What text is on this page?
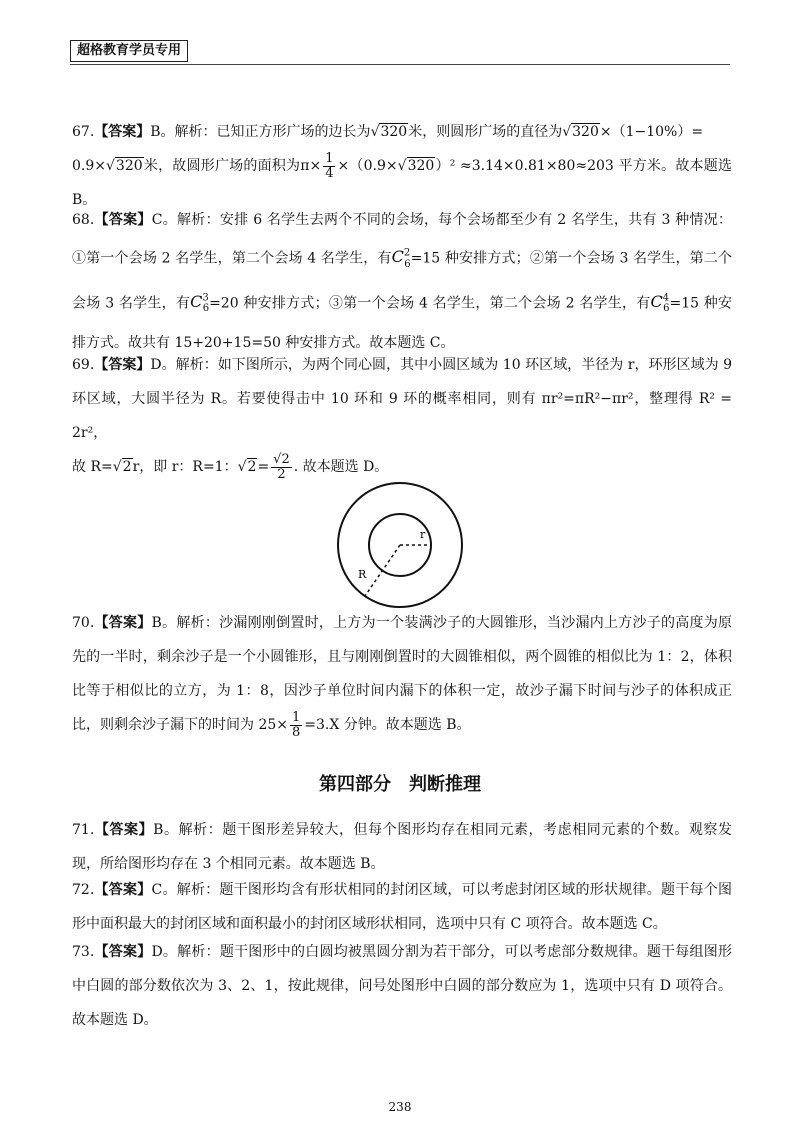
超格教育学员专用

67.【答案】B。解析：已知正方形广场的边长为√320米，则圆形广场的直径为√320×（1−10%）=
0.9×√320米，故圆形广场的面积为$\pi\times \frac{1}{4} \times(0.9\times√320)^2 \approx 3.14\times 0.81\times 80\approx 203$ 平方米。故本题选 B。

68.【答案】C。解析：安排 6 名学生去两个不同的会场，每个会场都至少有 2 名学生，共有 3 种情况：①第一个会场 2 名学生，第二个会场 4 名学生，有$C^2_6=15$ 种安排方式；②第一个会场 3 名学生，第二个会场 3 名学生，有$C^3_6=20$ 种安排方式；③第一个会场 4 名学生，第二个会场 2 名学生，有$C^4_6=15$ 种安排方式。故共有 15+20+15=50 种安排方式。故本题选 C。

69.【答案】D。解析：如下图所示，为两个同心圆，其中小圆区域为 10 环区域，半径为 r，环形区域为 9 环区域，大圆半径为 R。若要使得击中 10 环和 9 环的概率相同，则有 πr²=πR²−πr²，整理得 R² = 2r²，
故 R=√2r，即 r：R=1：$√2= \frac{√2}{2}$ . 故本题选 D。

r
R

70.【答案】B。解析：沙漏刚刚倒置时，上方为一个装满沙子的大圆锥形，当沙漏内上方沙子的高度为原先的一半时，剩余沙子是一个小圆锥形，且与刚刚倒置时的大圆锥相似，两个圆锥的相似比为 1：2，体积比等于相似比的立方，为 1：8，因沙子单位时间内漏下的体积一定，故沙子漏下时间与沙子的体积成正比，则剩余沙子漏下的时间为 $25\times \frac{1}{8} =3.X$ 分钟。故本题选 B。

第四部分　判断推理

71.【答案】B。解析：题干图形差异较大，但每个图形均存在相同元素，考虑相同元素的个数。观察发现，所给图形均存在 3 个相同元素。故本题选 B。

72.【答案】C。解析：题干图形均含有形状相同的封闭区域，可以考虑封闭区域的形状规律。题干每个图形中面积最大的封闭区域和面积最小的封闭区域形状相同，选项中只有 C 项符合。故本题选 C。

73.【答案】D。解析：题干图形中的白圆均被黑圆分割为若干部分，可以考虑部分数规律。题干每组图形中白圆的部分数依次为 3、2、1，按此规律，问号处图形中白圆的部分数应为 1，选项中只有 D 项符合。故本题选 D。

238
